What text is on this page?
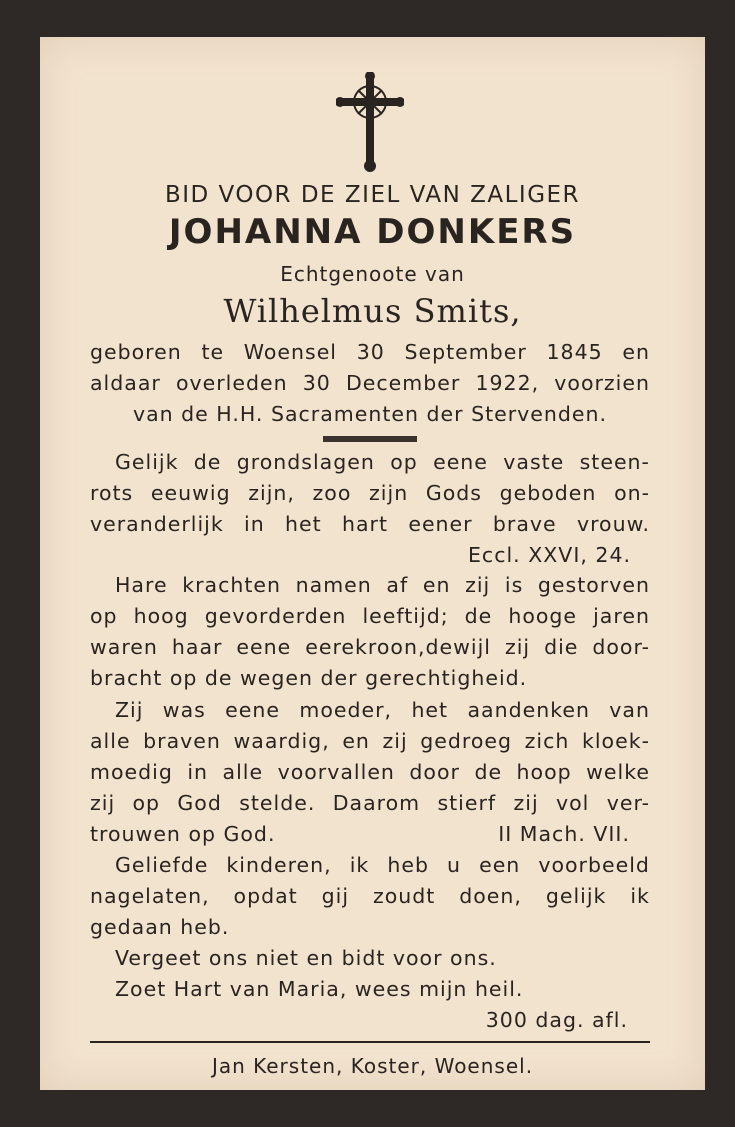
BID VOOR DE ZIEL VAN ZALIGER
JOHANNA DONKERS
Echtgenoote van
Wilhelmus Smits,
geboren te Woensel 30 September 1845 en
aldaar overleden 30 December 1922, voorzien
van de H.H. Sacramenten der Stervenden.
Gelijk de grondslagen op eene vaste steen-
rots eeuwig zijn, zoo zijn Gods geboden on-
veranderlijk in het hart eener brave vrouw.
Eccl. XXVI, 24.
Hare krachten namen af en zij is gestorven
op hoog gevorderden leeftijd; de hooge jaren
waren haar eene eerekroon,dewijl zij die door-
bracht op de wegen der gerechtigheid.
Zij was eene moeder, het aandenken van
alle braven waardig, en zij gedroeg zich kloek-
moedig in alle voorvallen door de hoop welke
zij op God stelde. Daarom stierf zij vol ver-
trouwen op God.	II Mach. VII.
Geliefde kinderen, ik heb u een voorbeeld
nagelaten, opdat gij zoudt doen, gelijk ik
gedaan heb.
Vergeet ons niet en bidt voor ons.
Zoet Hart van Maria, wees mijn heil.
300 dag. afl.
Jan Kersten, Koster, Woensel.
